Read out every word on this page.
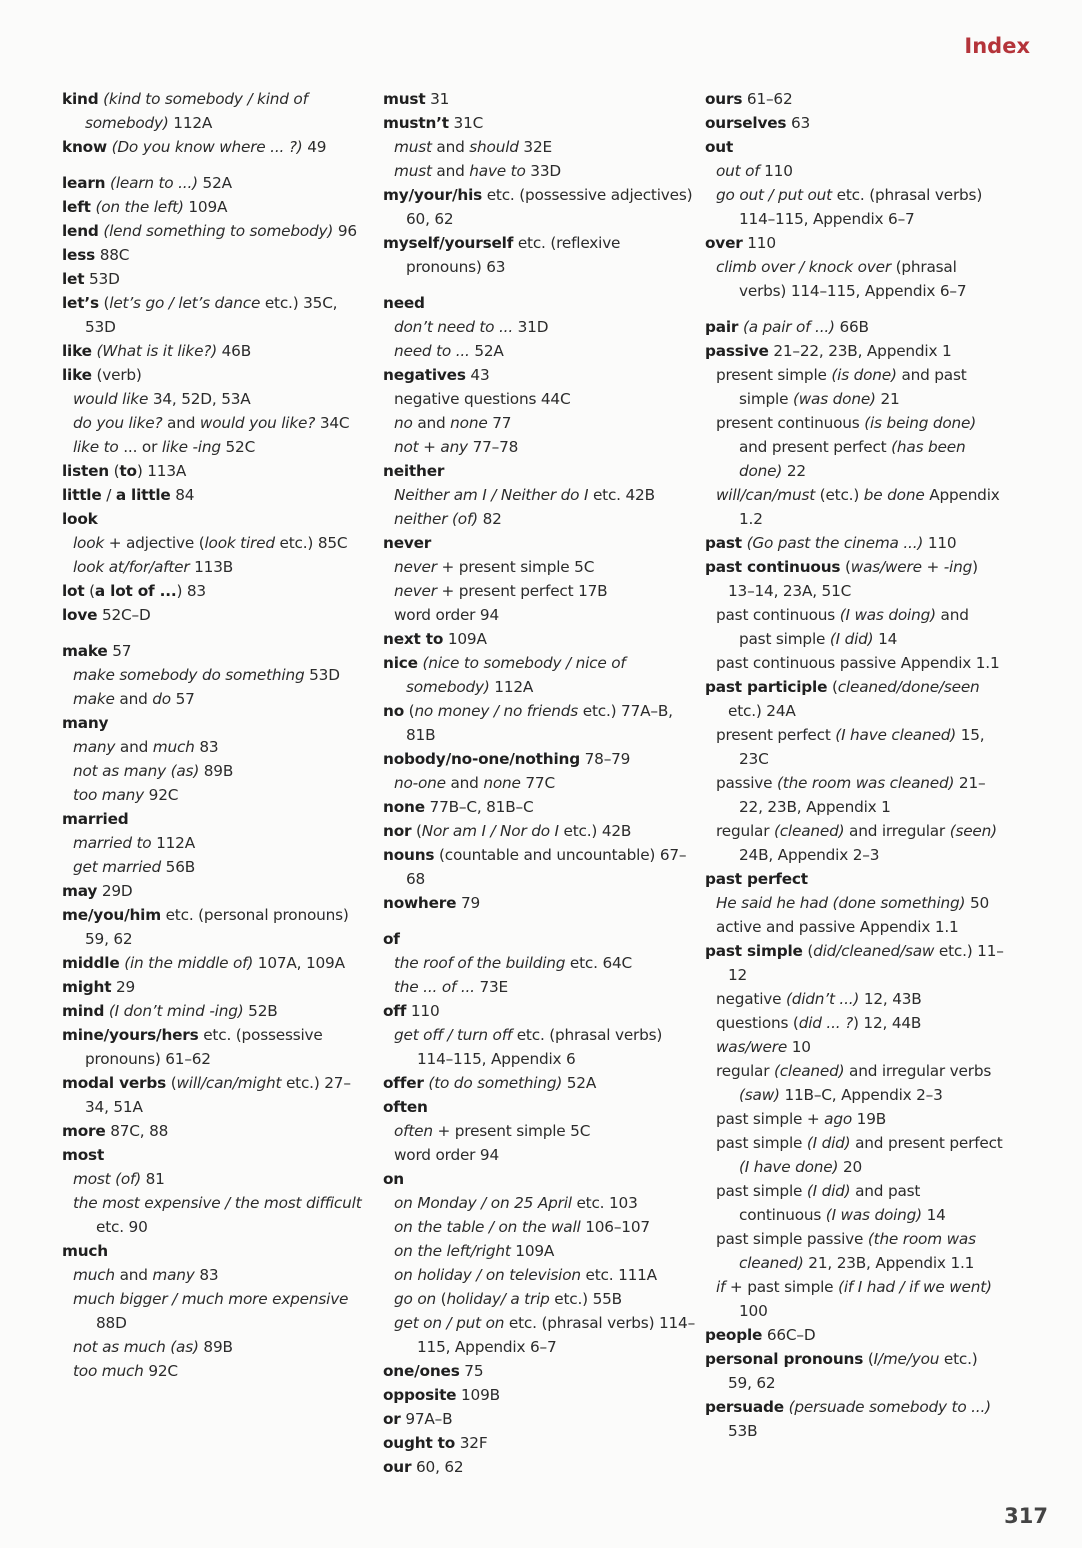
Index

kind (kind to somebody / kind of somebody) 112A

know (Do you know where ... ?) 49

learn (learn to ...) 52A

left (on the left) 109A

lend (lend something to somebody) 96

less 88C

let 53D

let’s (let’s go / let’s dance etc.) 35C, 53D

like (What is it like?) 46B

like (verb)

would like 34, 52D, 53A

do you like? and would you like? 34C

like to ... or like -ing 52C

listen (to) 113A

little / a little 84

look

look + adjective (look tired etc.) 85C

look at/for/after 113B

lot (a lot of ...) 83

love 52C–D

make 57

make somebody do something 53D

make and do 57

many

many and much 83

not as many (as) 89B

too many 92C

married

married to 112A

get married 56B

may 29D

me/you/him etc. (personal pronouns) 59, 62

middle (in the middle of) 107A, 109A

might 29

mind (I don’t mind -ing) 52B

mine/yours/hers etc. (possessive pronouns) 61–62

modal verbs (will/can/might etc.) 27–34, 51A

more 87C, 88

most

most (of) 81

the most expensive / the most difficult etc. 90

much

much and many 83

much bigger / much more expensive 88D

not as much (as) 89B

too much 92C

must 31

mustn’t 31C

must and should 32E

must and have to 33D

my/your/his etc. (possessive adjectives) 60, 62

myself/yourself etc. (reflexive pronouns) 63

need

don’t need to ... 31D

need to ... 52A

negatives 43

negative questions 44C

no and none 77

not + any 77–78

neither

Neither am I / Neither do I etc. 42B

neither (of) 82

never

never + present simple 5C

never + present perfect 17B

word order 94

next to 109A

nice (nice to somebody / nice of somebody) 112A

no (no money / no friends etc.) 77A–B, 81B

nobody/no-one/nothing 78–79

no-one and none 77C

none 77B–C, 81B–C

nor (Nor am I / Nor do I etc.) 42B

nouns (countable and uncountable) 67–68

nowhere 79

of

the roof of the building etc. 64C

the ... of ... 73E

off 110

get off / turn off etc. (phrasal verbs) 114–115, Appendix 6

offer (to do something) 52A

often

often + present simple 5C

word order 94

on

on Monday / on 25 April etc. 103

on the table / on the wall 106–107

on the left/right 109A

on holiday / on television etc. 111A

go on (holiday/ a trip etc.) 55B

get on / put on etc. (phrasal verbs) 114–115, Appendix 6–7

one/ones 75

opposite 109B

or 97A–B

ought to 32F

our 60, 62

ours 61–62

ourselves 63

out

out of 110

go out / put out etc. (phrasal verbs) 114–115, Appendix 6–7

over 110

climb over / knock over (phrasal verbs) 114–115, Appendix 6–7

pair (a pair of ...) 66B

passive 21–22, 23B, Appendix 1

present simple (is done) and past simple (was done) 21

present continuous (is being done) and present perfect (has been done) 22

will/can/must (etc.) be done Appendix 1.2

past (Go past the cinema ...) 110

past continuous (was/were + -ing) 13–14, 23A, 51C

past continuous (I was doing) and past simple (I did) 14

past continuous passive Appendix 1.1

past participle (cleaned/done/seen etc.) 24A

present perfect (I have cleaned) 15, 23C

passive (the room was cleaned) 21–22, 23B, Appendix 1

regular (cleaned) and irregular (seen) 24B, Appendix 2–3

past perfect

He said he had (done something) 50

active and passive Appendix 1.1

past simple (did/cleaned/saw etc.) 11–12

negative (didn’t ...) 12, 43B

questions (did ... ?) 12, 44B

was/were 10

regular (cleaned) and irregular verbs (saw) 11B–C, Appendix 2–3

past simple + ago 19B

past simple (I did) and present perfect (I have done) 20

past simple (I did) and past continuous (I was doing) 14

past simple passive (the room was cleaned) 21, 23B, Appendix 1.1

if + past simple (if I had / if we went) 100

people 66C–D

personal pronouns (I/me/you etc.) 59, 62

persuade (persuade somebody to ...) 53B

317
